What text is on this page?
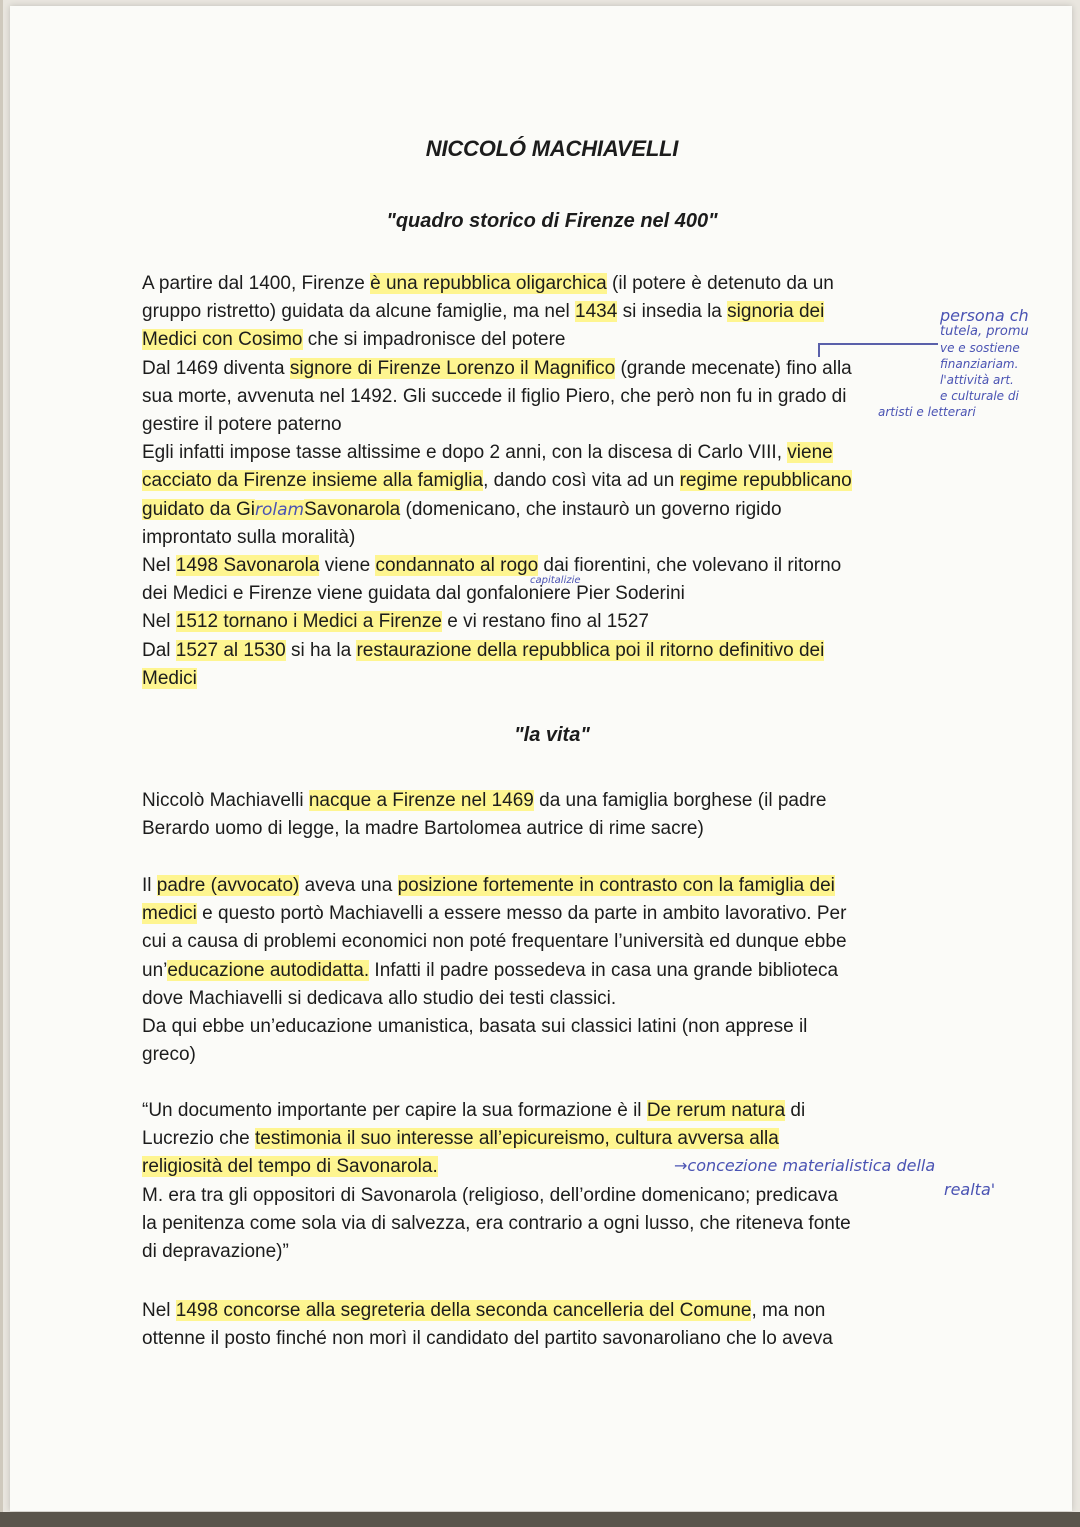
NICCOLÓ MACHIAVELLI
"quadro storico di Firenze nel 400"
A partire dal 1400, Firenze è una repubblica oligarchica (il potere è detenuto da un
gruppo ristretto) guidata da alcune famiglie, ma nel 1434 si insedia la signoria dei
Medici con Cosimo che si impadronisce del potere
Dal 1469 diventa signore di Firenze Lorenzo il Magnifico (grande mecenate) fino alla
sua morte, avvenuta nel 1492. Gli succede il figlio Piero, che però non fu in grado di
gestire il potere paterno
Egli infatti impose tasse altissime e dopo 2 anni, con la discesa di Carlo VIII, viene
cacciato da Firenze insieme alla famiglia, dando così vita ad un regime repubblicano
guidato da GirolamSavonarola (domenicano, che instaurò un governo rigido
improntato sulla moralità)
Nel 1498 Savonarola viene condannato al rogo dai fiorentini, che volevano il ritorno
dei Medici e Firenze viene guidata dal gonfaloniere Pier Soderini
Nel 1512 tornano i Medici a Firenze e vi restano fino al 1527
Dal 1527 al 1530 si ha la restaurazione della repubblica poi il ritorno definitivo dei
Medici
"la vita"
Niccolò Machiavelli nacque a Firenze nel 1469 da una famiglia borghese (il padre
Berardo uomo di legge, la madre Bartolomea autrice di rime sacre)
Il padre (avvocato) aveva una posizione fortemente in contrasto con la famiglia dei
medici e questo portò Machiavelli a essere messo da parte in ambito lavorativo. Per
cui a causa di problemi economici non poté frequentare l’università ed dunque ebbe
un’educazione autodidatta. Infatti il padre possedeva in casa una grande biblioteca
dove Machiavelli si dedicava allo studio dei testi classici.
Da qui ebbe un’educazione umanistica, basata sui classici latini (non apprese il
greco)
“Un documento importante per capire la sua formazione è il De rerum natura di
Lucrezio che testimonia il suo interesse all’epicureismo, cultura avversa alla
religiosità del tempo di Savonarola.
M. era tra gli oppositori di Savonarola (religioso, dell’ordine domenicano; predicava
la penitenza come sola via di salvezza, era contrario a ogni lusso, che riteneva fonte
di depravazione)”
Nel 1498 concorse alla segreteria della seconda cancelleria del Comune, ma non
ottenne il posto finché non morì il candidato del partito savonaroliano che lo aveva
persona ch
tutela, promu
ve e sostiene
finanziariam.
l'attività art.
e culturale di
artisti e letterari
capitalizie
→concezione materialistica della
realta'
